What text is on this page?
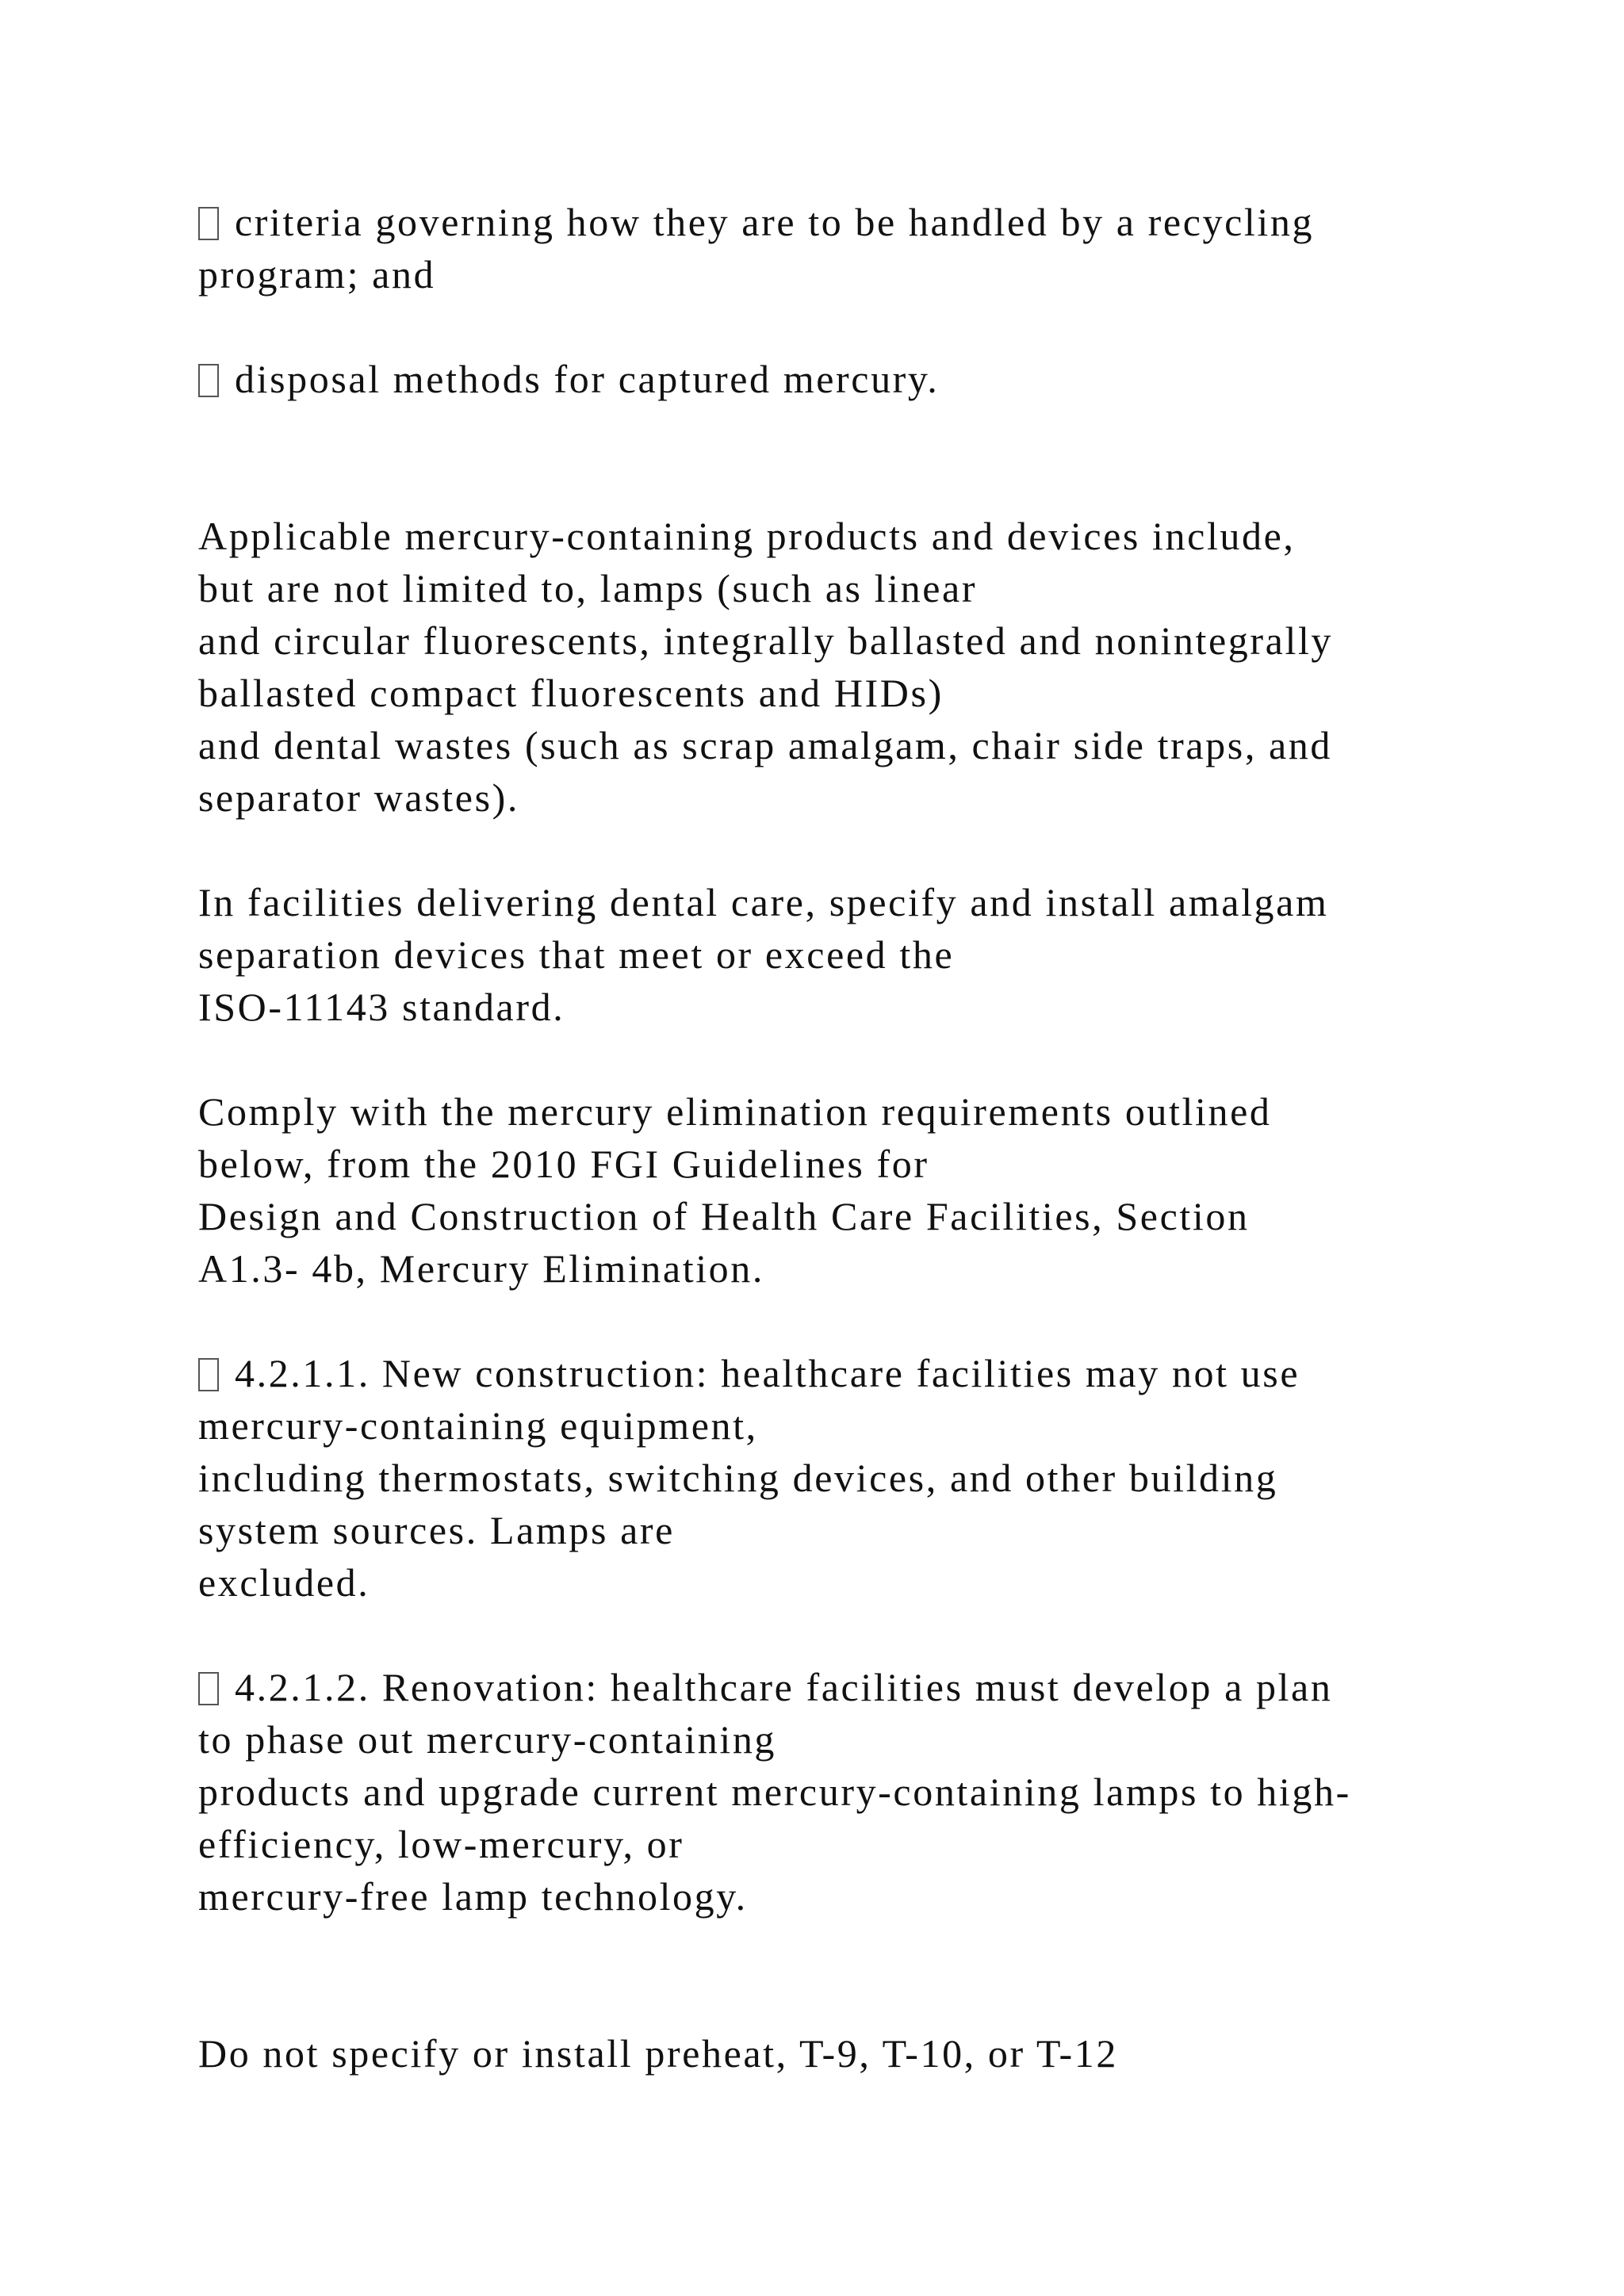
criteria governing how they are to be handled by a recycling

program; and

disposal methods for captured mercury.

Applicable mercury-containing products and devices include,

but are not limited to, lamps (such as linear

and circular fluorescents, integrally ballasted and nonintegrally

ballasted compact fluorescents and HIDs)

and dental wastes (such as scrap amalgam, chair side traps, and

separator wastes).

In facilities delivering dental care, specify and install amalgam

separation devices that meet or exceed the

ISO-11143 standard.

Comply with the mercury elimination requirements outlined

below, from the 2010 FGI Guidelines for

Design and Construction of Health Care Facilities, Section

A1.3- 4b, Mercury Elimination.

4.2.1.1. New construction: healthcare facilities may not use

mercury-containing equipment,

including thermostats, switching devices, and other building

system sources. Lamps are

excluded.

4.2.1.2. Renovation: healthcare facilities must develop a plan

to phase out mercury-containing

products and upgrade current mercury-containing lamps to high-

efficiency, low-mercury, or

mercury-free lamp technology.

Do not specify or install preheat, T-9, T-10, or T-12
